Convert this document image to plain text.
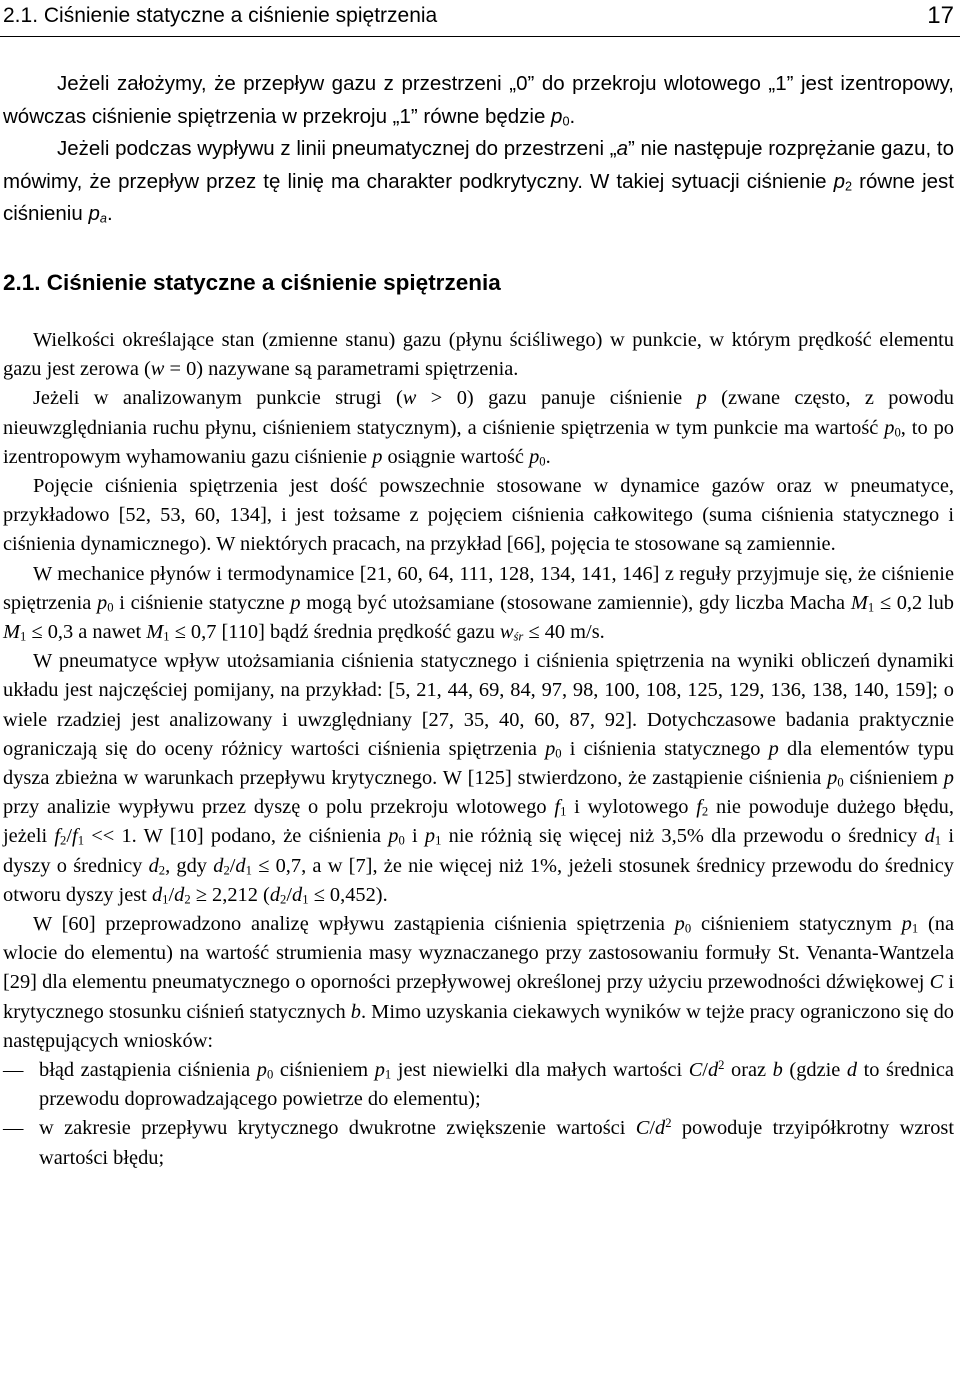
2.1. Ciśnienie statyczne a ciśnienie spiętrzenia	17

Jeżeli założymy, że przepływ gazu z przestrzeni „0” do przekroju wlotowego „1” jest izentropowy, wówczas ciśnienie spiętrzenia w przekroju „1” równe będzie $p_0$.

Jeżeli podczas wypływu z linii pneumatycznej do przestrzeni „a” nie następuje rozprężanie gazu, to mówimy, że przepływ przez tę linię ma charakter podkrytyczny. W takiej sytuacji ciśnienie $p_2$ równe jest ciśnieniu $p_a$.

2.1. Ciśnienie statyczne a ciśnienie spiętrzenia

Wielkości określające stan (zmienne stanu) gazu (płynu ściśliwego) w punkcie, w którym prędkość elementu gazu jest zerowa (w = 0) nazywane są parametrami spiętrzenia.

Jeżeli w analizowanym punkcie strugi (w > 0) gazu panuje ciśnienie p (zwane często, z powodu nieuwzględniania ruchu płynu, ciśnieniem statycznym), a ciśnienie spiętrzenia w tym punkcie ma wartość $p_0$, to po izentropowym wyhamowaniu gazu ciśnienie p osiągnie wartość $p_0$.

Pojęcie ciśnienia spiętrzenia jest dość powszechnie stosowane w dynamice gazów oraz w pneumatyce, przykładowo [52, 53, 60, 134], i jest tożsame z pojęciem ciśnienia całkowitego (suma ciśnienia statycznego i ciśnienia dynamicznego). W niektórych pracach, na przykład [66], pojęcia te stosowane są zamiennie.

W mechanice płynów i termodynamice [21, 60, 64, 111, 128, 134, 141, 146] z reguły przyjmuje się, że ciśnienie spiętrzenia $p_0$ i ciśnienie statyczne p mogą być utożsamiane (stosowane zamiennie), gdy liczba Macha $M_1 \le 0,2$ lub $M_1 \le 0,3$ a nawet $M_1 \le 0,7$ [110] bądź średnia prędkość gazu $w_{śr} \le 40$ m/s.

W pneumatyce wpływ utożsamiania ciśnienia statycznego i ciśnienia spiętrzenia na wyniki obliczeń dynamiki układu jest najczęściej pomijany, na przykład: [5, 21, 44, 69, 84, 97, 98, 100, 108, 125, 129, 136, 138, 140, 159]; o wiele rzadziej jest analizowany i uwzględniany [27, 35, 40, 60, 87, 92]. Dotychczasowe badania praktycznie ograniczają się do oceny różnicy wartości ciśnienia spiętrzenia $p_0$ i ciśnienia statycznego p dla elementów typu dysza zbieżna w warunkach przepływu krytycznego. W [125] stwierdzono, że zastąpienie ciśnienia $p_0$ ciśnieniem p przy analizie wypływu przez dyszę o polu przekroju wlotowego $f_1$ i wylotowego $f_2$ nie powoduje dużego błędu, jeżeli $f_2/f_1 << 1$. W [10] podano, że ciśnienia $p_0$ i $p_1$ nie różnią się więcej niż 3,5% dla przewodu o średnicy $d_1$ i dyszy o średnicy $d_2$, gdy $d_2/d_1 \le 0,7$, a w [7], że nie więcej niż 1%, jeżeli stosunek średnicy przewodu do średnicy otworu dyszy jest $d_1/d_2 \ge 2,212$ $(d_2/d_1 \le 0,452)$.

W [60] przeprowadzono analizę wpływu zastąpienia ciśnienia spiętrzenia $p_0$ ciśnieniem statycznym $p_1$ (na wlocie do elementu) na wartość strumienia masy wyznaczanego przy zastosowaniu formuły St. Venanta-Wantzela [29] dla elementu pneumatycznego o oporności przepływowej określonej przy użyciu przewodności dźwiękowej C i krytycznego stosunku ciśnień statycznych b. Mimo uzyskania ciekawych wyników w tejże pracy ograniczono się do następujących wniosków:

— błąd zastąpienia ciśnienia $p_0$ ciśnieniem $p_1$ jest niewielki dla małych wartości $C/d^2$ oraz b (gdzie d to średnica przewodu doprowadzającego powietrze do elementu);

— w zakresie przepływu krytycznego dwukrotne zwiększenie wartości $C/d^2$ powoduje trzyipółkrotny wzrost wartości błędu;
